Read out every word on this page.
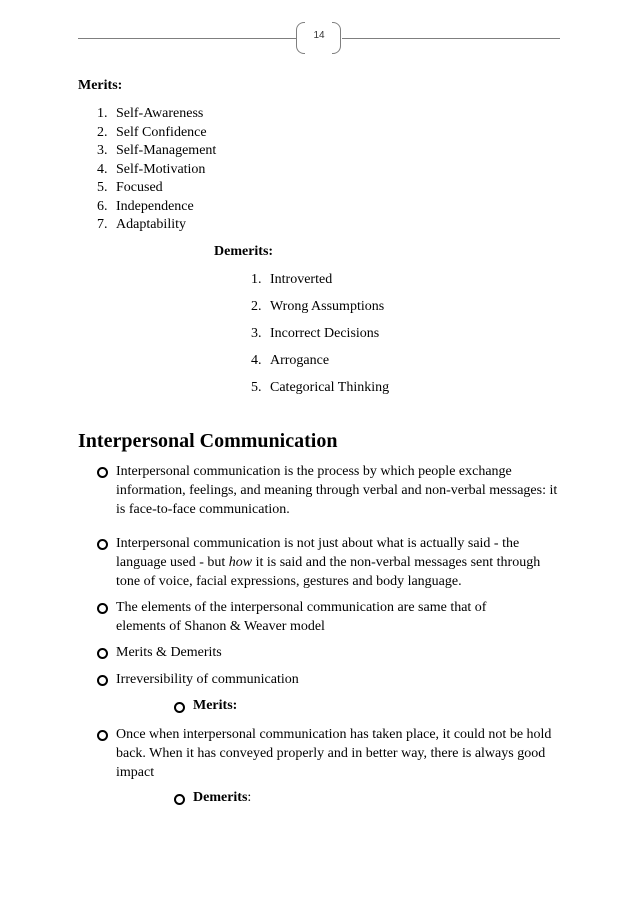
14
Merits:
1. Self-Awareness
2. Self Confidence
3. Self-Management
4. Self-Motivation
5. Focused
6. Independence
7. Adaptability
Demerits:
1. Introverted
2. Wrong Assumptions
3. Incorrect Decisions
4. Arrogance
5. Categorical Thinking
Interpersonal Communication
Interpersonal communication is the process by which people exchange information, feelings, and meaning through verbal and non-verbal messages: it is face-to-face communication.
Interpersonal communication is not just about what is actually said - the language used - but how it is said and the non-verbal messages sent through tone of voice, facial expressions, gestures and body language.
The elements of the interpersonal communication are same that of elements of Shanon & Weaver model
Merits & Demerits
Irreversibility of communication
Merits:
Once when interpersonal communication has taken place, it could not be hold back. When it has conveyed properly and in better way, there is always good impact
Demerits:
